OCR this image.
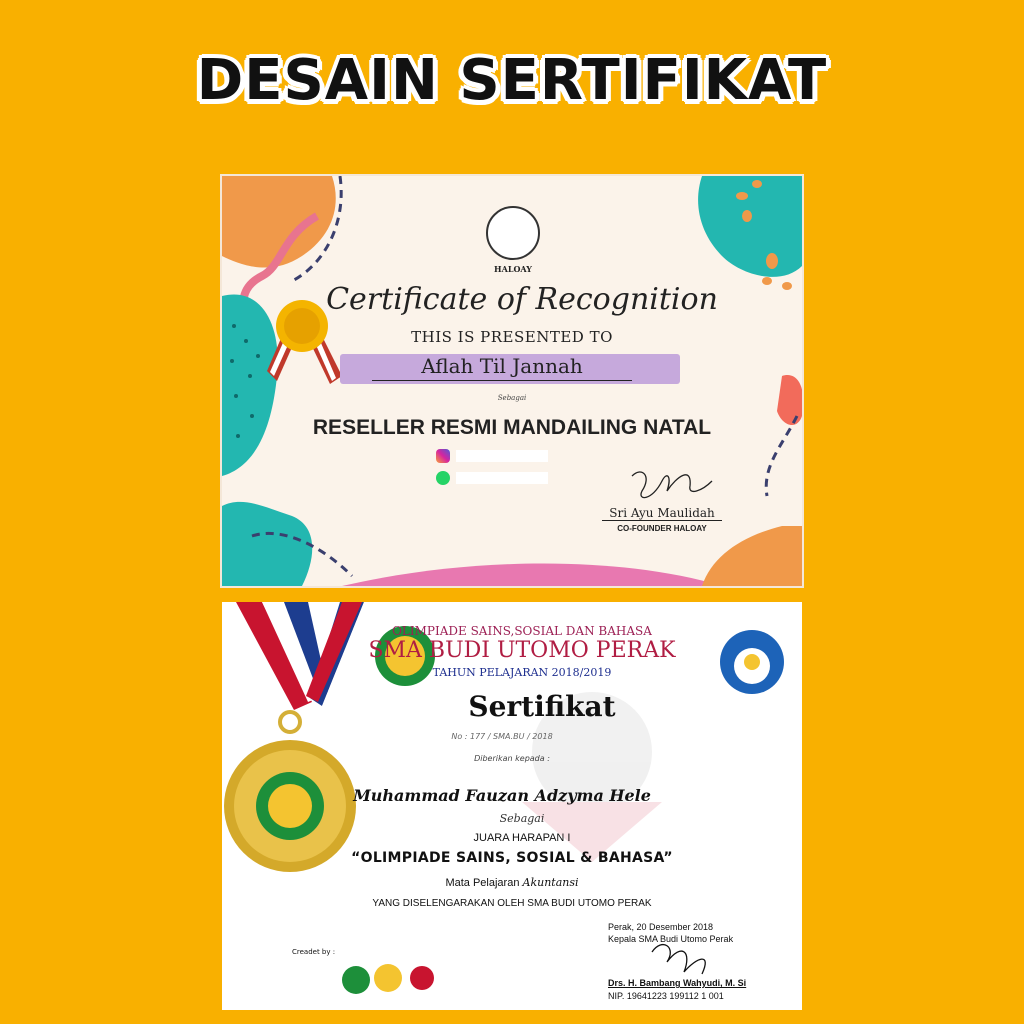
DESAIN SERTIFIKAT
HALOAY
Certificate of Recognition
THIS IS PRESENTED TO
Aflah Til Jannah
Sebagai
RESELLER RESMI MANDAILING NATAL
Sri Ayu Maulidah
CO-FOUNDER HALOAY
OLIMPIADE SAINS,SOSIAL DAN BAHASA
SMA BUDI UTOMO PERAK
TAHUN PELAJARAN 2018/2019
Sertifikat
No : 177 / SMA.BU / 2018
Diberikan kepada :
Muhammad Fauzan Adzyma Hele
Sebagai
JUARA HARAPAN I
“OLIMPIADE SAINS, SOSIAL & BAHASA”
Mata Pelajaran Akuntansi
YANG DISELENGARAKAN OLEH SMA BUDI UTOMO PERAK
Perak, 20 Desember 2018
Kepala SMA Budi Utomo Perak
Drs. H. Bambang Wahyudi, M. Si
NIP. 19641223 199112 1 001
Creadet by :
